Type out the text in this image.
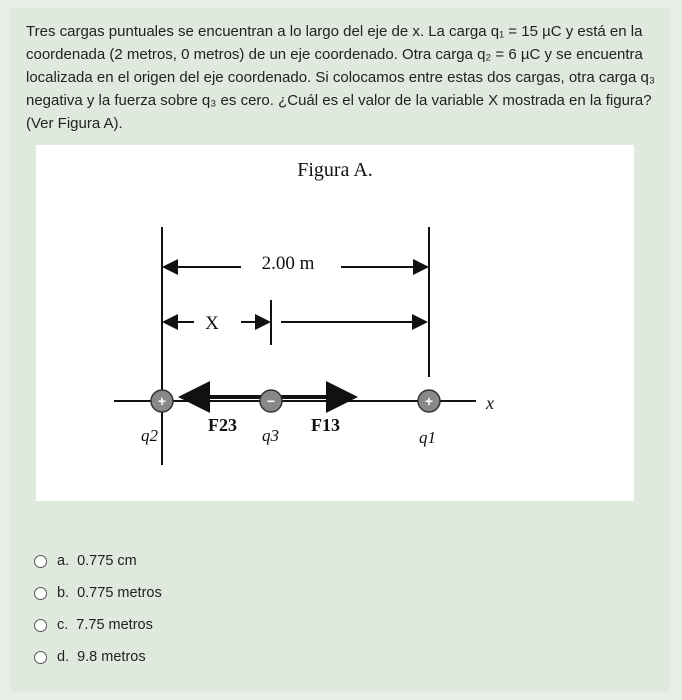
Tres cargas puntuales se encuentran a lo largo del eje de x. La carga q₁ = 15 µC y está en la coordenada (2 metros, 0 metros) de un eje coordenado. Otra carga q₂ = 6 µC y se encuentra localizada en el origen del eje coordenado. Si colocamos entre estas dos cargas, otra carga q₃ negativa y la fuerza sobre q₃ es cero. ¿Cuál es el valor de la variable X mostrada en la figura? (Ver Figura A).
Figura A.
2.00 m
X
x
+	−	+
q2
F23
q3
F13
q1
a. 0.775 cm
b. 0.775 metros
c. 7.75 metros
d. 9.8 metros
